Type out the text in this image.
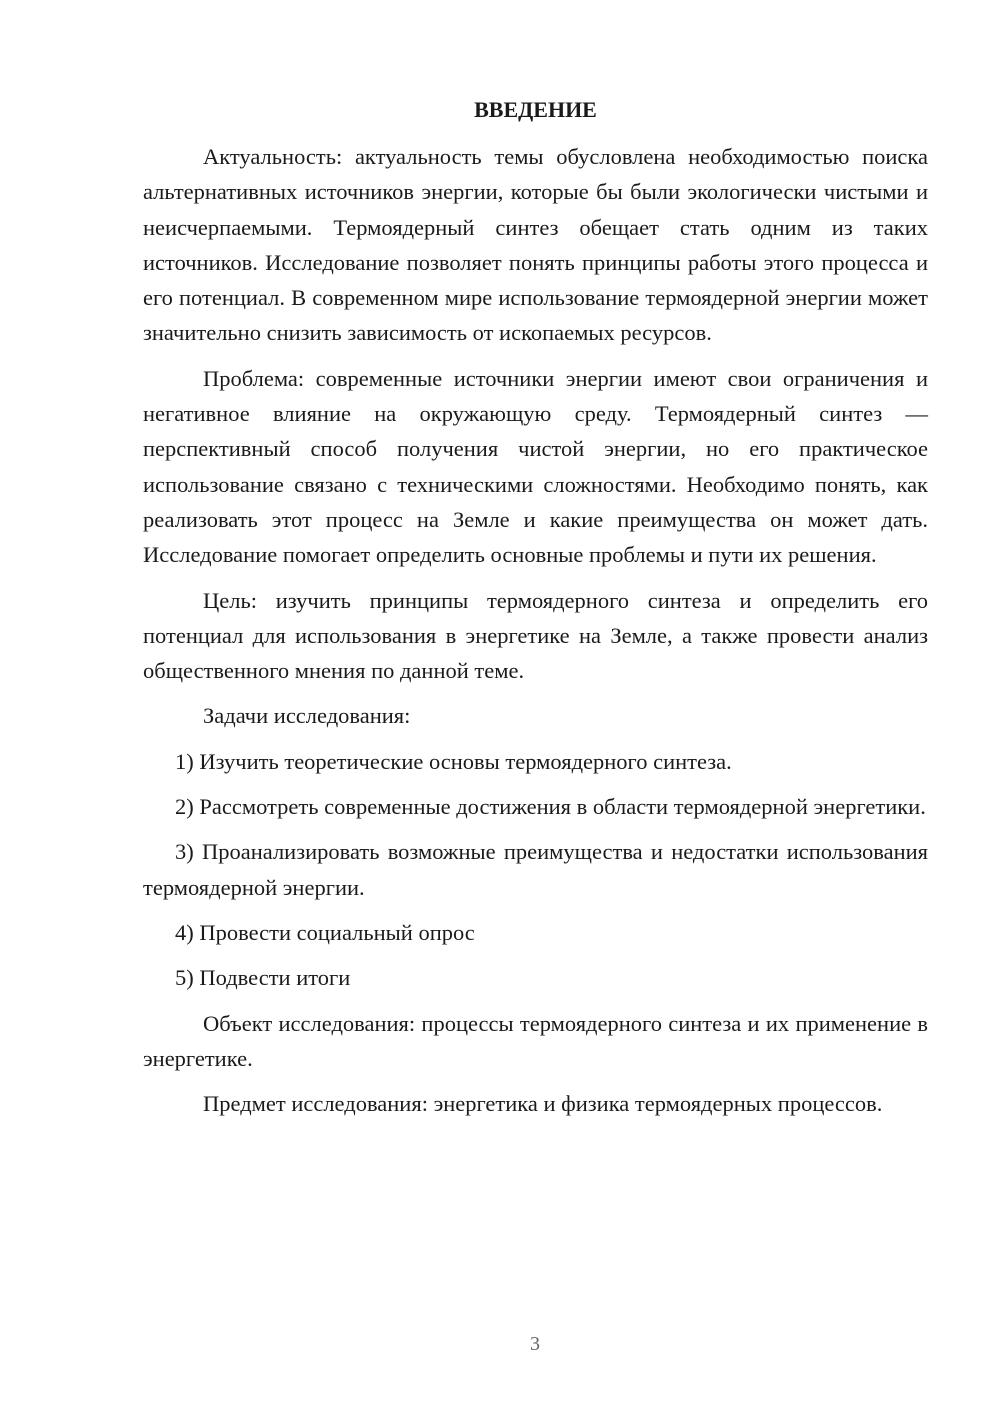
ВВЕДЕНИЕ

Актуальность: актуальность темы обусловлена необходимостью поиска альтернативных источников энергии, которые бы были экологически чистыми и неисчерпаемыми. Термоядерный синтез обещает стать одним из таких источников. Исследование позволяет понять принципы работы этого процесса и его потенциал. В современном мире использование термоядерной энергии может значительно снизить зависимость от ископаемых ресурсов.

Проблема: современные источники энергии имеют свои ограничения и негативное влияние на окружающую среду. Термоядерный синтез — перспективный способ получения чистой энергии, но его практическое использование связано с техническими сложностями. Необходимо понять, как реализовать этот процесс на Земле и какие преимущества он может дать. Исследование помогает определить основные проблемы и пути их решения.

Цель: изучить принципы термоядерного синтеза и определить его потенциал для использования в энергетике на Земле, а также провести анализ общественного мнения по данной теме.

Задачи исследования:

1) Изучить теоретические основы термоядерного синтеза.

2) Рассмотреть современные достижения в области термоядерной энергетики.

3) Проанализировать возможные преимущества и недостатки использования термоядерной энергии.

4) Провести социальный опрос

5) Подвести итоги

Объект исследования: процессы термоядерного синтеза и их применение в энергетике.

Предмет исследования: энергетика и физика термоядерных процессов.

3
